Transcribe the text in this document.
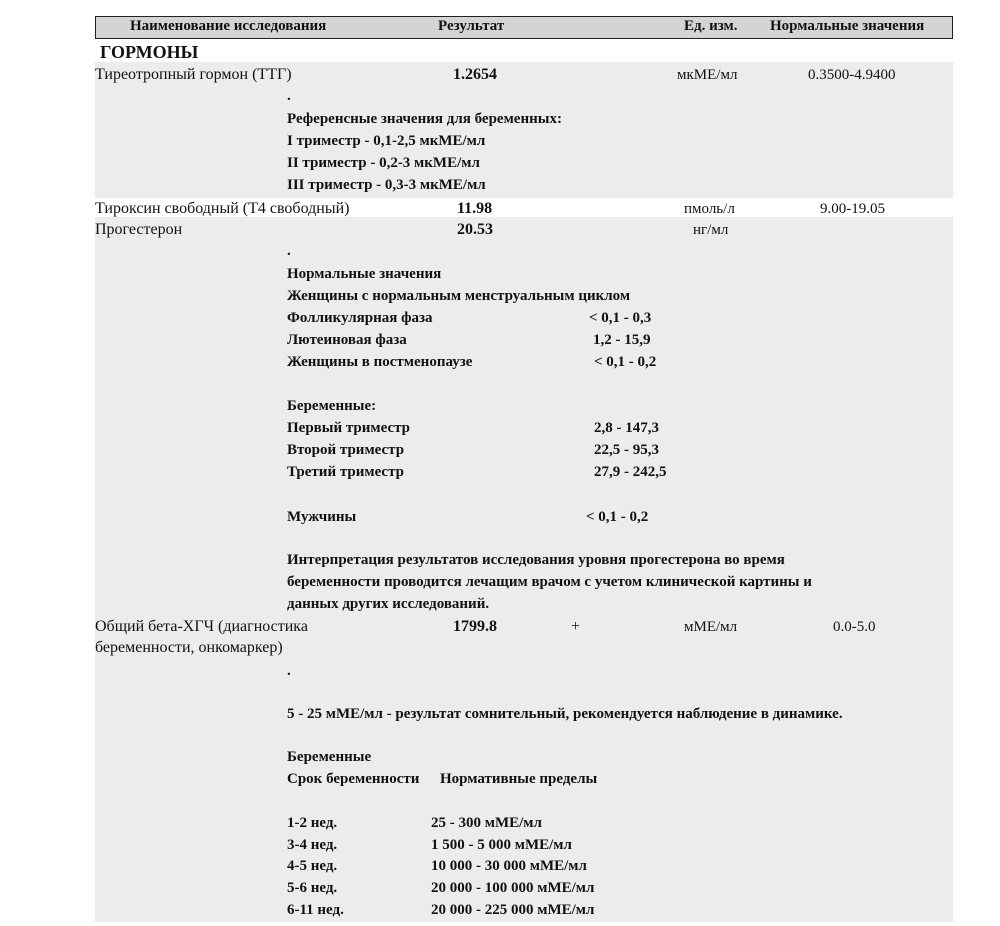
Наименование исследования	Результат	Ед. изм. Нормальные значения
ГОРМОНЫ
Тиреотропный гормон (ТТГ)	1.2654	мкМЕ/мл	0.3500-4.9400
.
Референсные значения для беременных:
I триместр - 0,1-2,5 мкМЕ/мл
II триместр - 0,2-3 мкМЕ/мл
III триместр - 0,3-3 мкМЕ/мл
Тироксин свободный (Т4 свободный)	11.98	пмоль/л	9.00-19.05
Прогестерон	20.53	нг/мл
.
Нормальные значения
Женщины с нормальным менструальным циклом
Фолликулярная фаза	< 0,1 - 0,3
Лютеиновая фаза	1,2 - 15,9
Женщины в постменопаузе	< 0,1 - 0,2
Беременные:
Первый триместр	2,8 - 147,3
Второй триместр	22,5 - 95,3
Третий триместр	27,9 - 242,5
Мужчины	< 0,1 - 0,2
Интерпретация результатов исследования уровня прогестерона во время
беременности проводится лечащим врачом с учетом клинической картины и
данных других исследований.
Общий бета-ХГЧ (диагностика
беременности, онкомаркер)
1799.8	+	мМЕ/мл	0.0-5.0
.
5 - 25 мМЕ/мл - результат сомнительный, рекомендуется наблюдение в динамике.
Беременные
Срок беременности Нормативные пределы
1-2 нед.	25 - 300 мМЕ/мл
3-4 нед.	1 500 - 5 000 мМЕ/мл
4-5 нед.	10 000 - 30 000 мМЕ/мл
5-6 нед.	20 000 - 100 000 мМЕ/мл
6-11 нед.	20 000 - 225 000 мМЕ/мл
